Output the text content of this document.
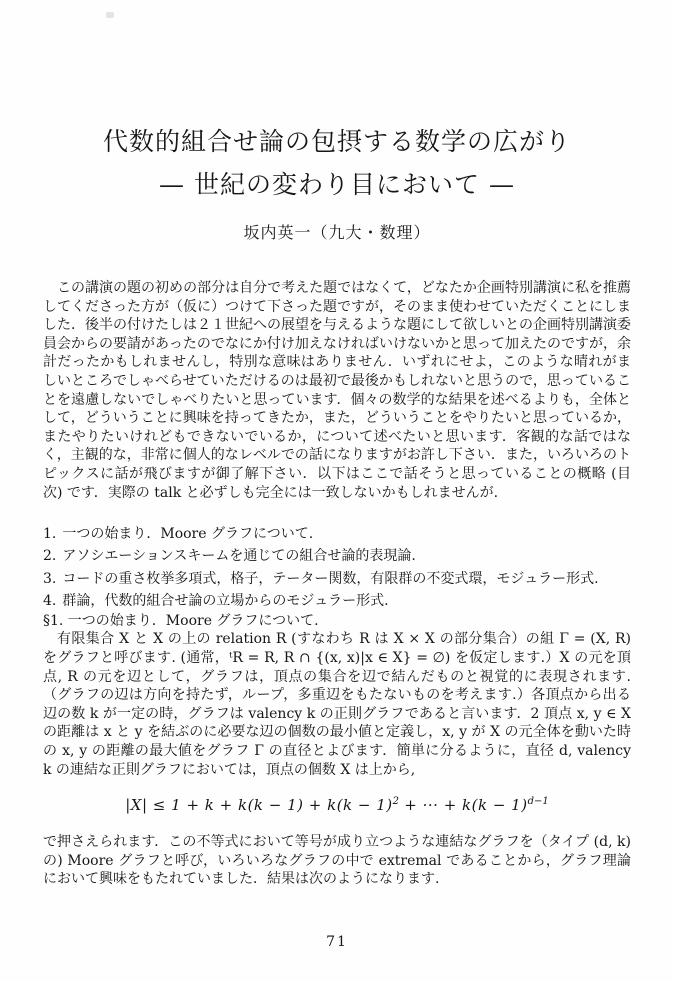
代数的組合せ論の包摂する数学の広がり
— 世紀の変わり目において —
坂内英一（九大・数理）

この講演の題の初めの部分は自分で考えた題ではなくて，どなたか企画特別講演に私を推薦してくださった方が（仮に）つけて下さった題ですが，そのまま使わせていただくことにしました．後半の付けたしは２１世紀への展望を与えるような題にして欲しいとの企画特別講演委員会からの要請があったのでなにか付け加えなければいけないかと思って加えたのですが，余計だったかもしれませんし，特別な意味はありません．いずれにせよ，このような晴れがましいところでしゃべらせていただけるのは最初で最後かもしれないと思うので，思っていることを遠慮しないでしゃべりたいと思っています．個々の数学的な結果を述べるよりも，全体として，どういうことに興味を持ってきたか，また，どういうことをやりたいと思っているか，またやりたいけれどもできないでいるか，について述べたいと思います．客観的な話ではなく，主観的な，非常に個人的なレベルでの話になりますがお許し下さい．また，いろいろのトピックスに話が飛びますが御了解下さい．以下はここで話そうと思っていることの概略 (目次) です．実際の talk と必ずしも完全には一致しないかもしれませんが.

1. 一つの始まり．Moore グラフについて.
2. アソシエーションスキームを通じての組合せ論的表現論.
3. コードの重さ枚挙多項式，格子，テーター関数，有限群の不変式環，モジュラー形式.
4. 群論，代数的組合せ論の立場からのモジュラー形式.

§1. 一つの始まり．Moore グラフについて.

有限集合 X と X の上の relation R (すなわち R は X × X の部分集合）の組 Γ = (X, R) をグラフと呼びます. (通常，ᵗR = R, R ∩ {(x, x)|x ∈ X} = ∅) を仮定します.）X の元を頂点, R の元を辺として，グラフは，頂点の集合を辺で結んだものと視覚的に表現されます.（グラフの辺は方向を持たず，ループ，多重辺をもたないものを考えます.）各頂点から出る辺の数 k が一定の時，グラフは valency k の正則グラフであると言います．2 頂点 x, y ∈ X の距離は x と y を結ぶのに必要な辺の個数の最小値と定義し，x, y が X の元全体を動いた時の x, y の距離の最大値をグラフ Γ の直径とよびます．簡単に分るように，直径 d, valency k の連結な正則グラフにおいては，頂点の個数 X は上から,

$|X| \le 1 + k + k(k - 1) + k(k - 1)^2$ + ··· + $k(k - 1)^{d-1}$

で押さえられます．この不等式において等号が成り立つような連結なグラフを（タイプ (d, k) の) Moore グラフと呼び，いろいろなグラフの中で extremal であることから，グラフ理論において興味をもたれていました．結果は次のようになります.

71
